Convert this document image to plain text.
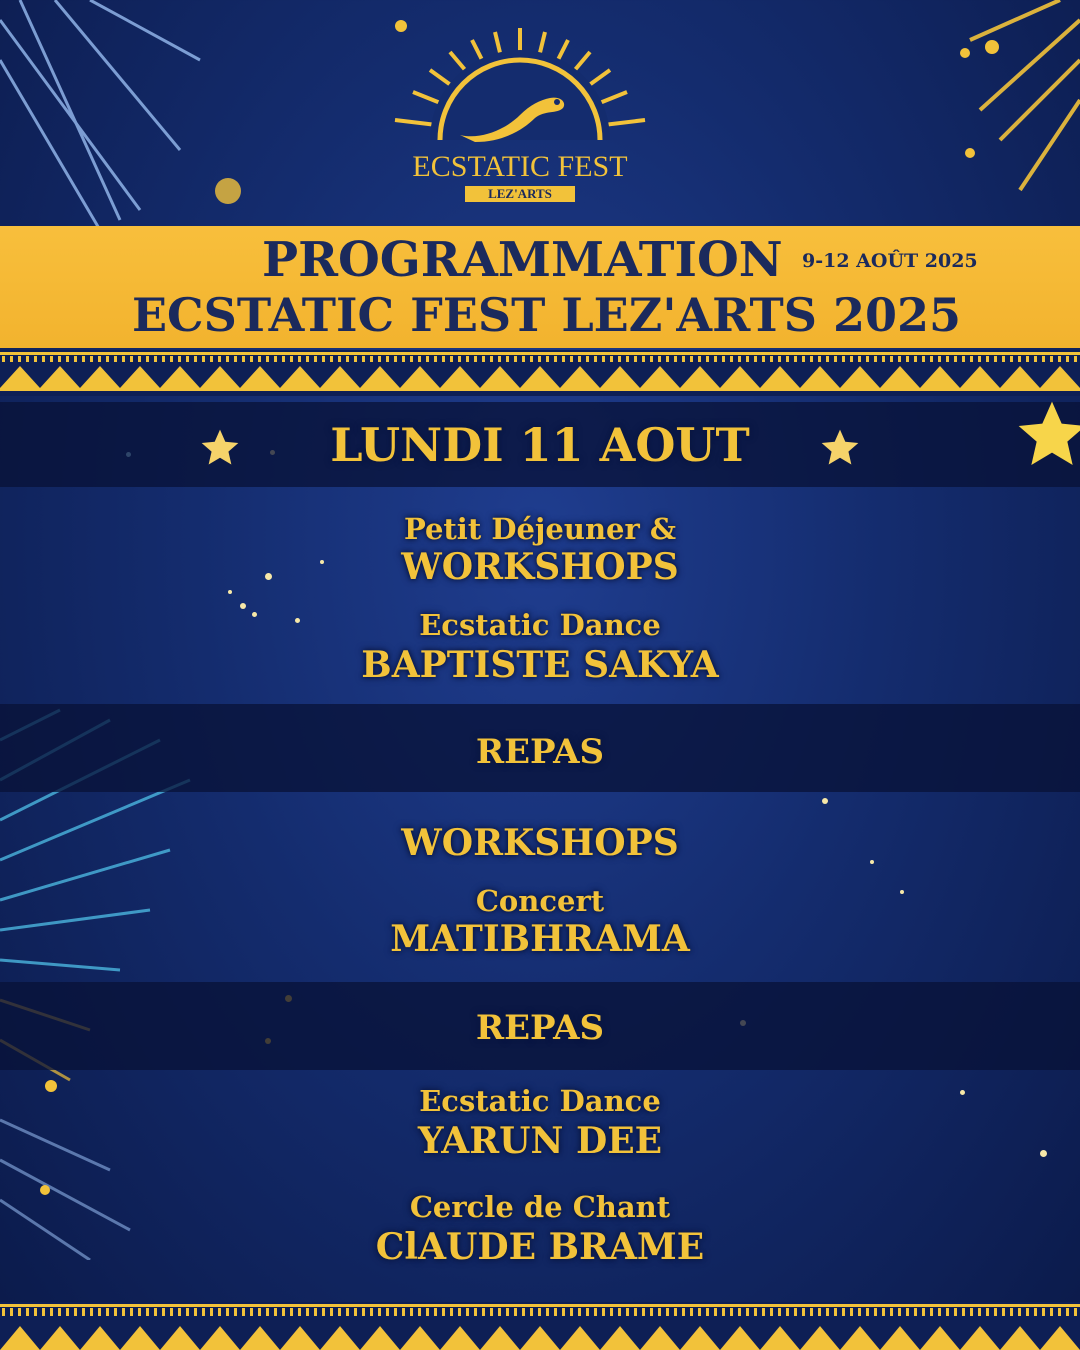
ECSTATIC FEST
LEZ'ARTS
PROGRAMMATION 9-12 AOÛT 2025
ECSTATIC FEST LEZ'ARTS 2025
LUNDI 11 AOUT
Petit Déjeuner &
WORKSHOPS
Ecstatic Dance
BAPTISTE SAKYA
REPAS
WORKSHOPS
Concert
MATIBHRAMA
REPAS
Ecstatic Dance
YARUN DEE
Cercle de Chant
ClAUDE BRAME
